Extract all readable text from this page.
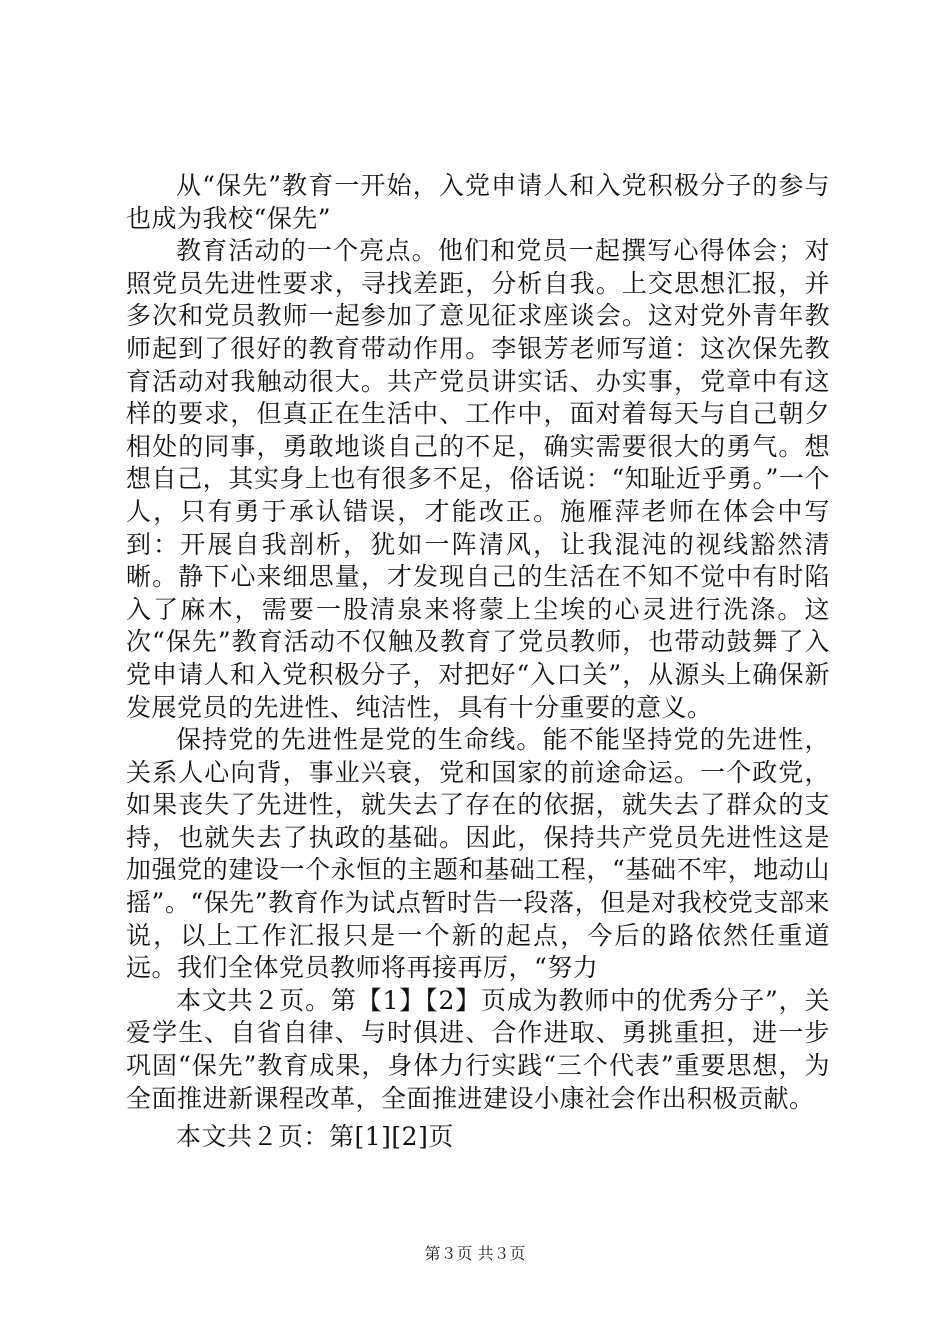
从“保先”教育一开始，入党申请人和入党积极分子的参与也成为我校“保先”

教育活动的一个亮点。他们和党员一起撰写心得体会；对照党员先进性要求，寻找差距，分析自我。上交思想汇报，并多次和党员教师一起参加了意见征求座谈会。这对党外青年教师起到了很好的教育带动作用。李银芳老师写道：这次保先教育活动对我触动很大。共产党员讲实话、办实事，党章中有这样的要求，但真正在生活中、工作中，面对着每天与自己朝夕相处的同事，勇敢地谈自己的不足，确实需要很大的勇气。想想自己，其实身上也有很多不足，俗话说：“知耻近乎勇。”一个人，只有勇于承认错误，才能改正。施雁萍老师在体会中写到：开展自我剖析，犹如一阵清风，让我混沌的视线豁然清晰。静下心来细思量，才发现自己的生活在不知不觉中有时陷入了麻木，需要一股清泉来将蒙上尘埃的心灵进行洗涤。这次“保先”教育活动不仅触及教育了党员教师，也带动鼓舞了入党申请人和入党积极分子，对把好“入口关”，从源头上确保新发展党员的先进性、纯洁性，具有十分重要的意义。

保持党的先进性是党的生命线。能不能坚持党的先进性，关系人心向背，事业兴衰，党和国家的前途命运。一个政党，如果丧失了先进性，就失去了存在的依据，就失去了群众的支持，也就失去了执政的基础。因此，保持共产党员先进性这是加强党的建设一个永恒的主题和基础工程，“基础不牢，地动山摇”。“保先”教育作为试点暂时告一段落，但是对我校党支部来说，以上工作汇报只是一个新的起点，今后的路依然任重道远。我们全体党员教师将再接再厉，“努力

本文共２页。第【1】【2】页成为教师中的优秀分子”，关爱学生、自省自律、与时俱进、合作进取、勇挑重担，进一步巩固“保先”教育成果，身体力行实践“三个代表”重要思想，为全面推进新课程改革，全面推进建设小康社会作出积极贡献。

本文共２页：第[1][2]页

第３页 共３页
